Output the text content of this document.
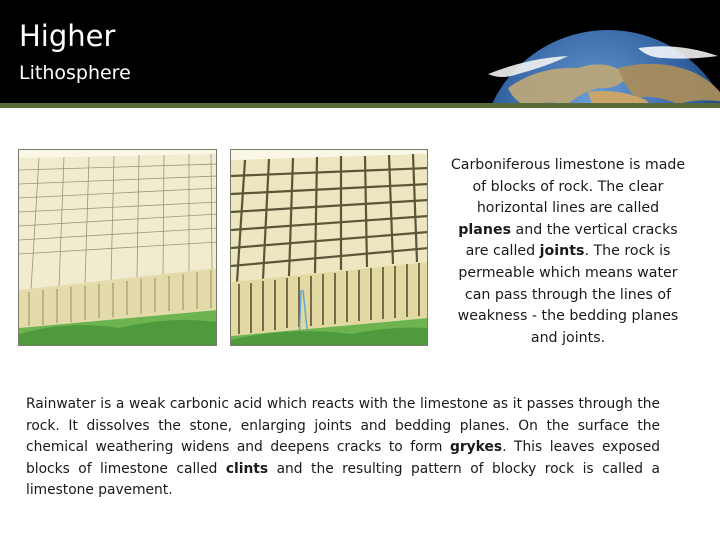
Higher
Lithosphere
Carboniferous limestone is made of blocks of rock. The clear horizontal lines are called planes and the vertical cracks are called joints. The rock is permeable which means water can pass through the lines of weakness - the bedding planes and joints.
Rainwater is a weak carbonic acid which reacts with the limestone as it passes through the rock. It dissolves the stone, enlarging joints and bedding planes. On the surface the chemical weathering widens and deepens cracks to form grykes. This leaves exposed blocks of limestone called clints and the resulting pattern of blocky rock is called a limestone pavement.
